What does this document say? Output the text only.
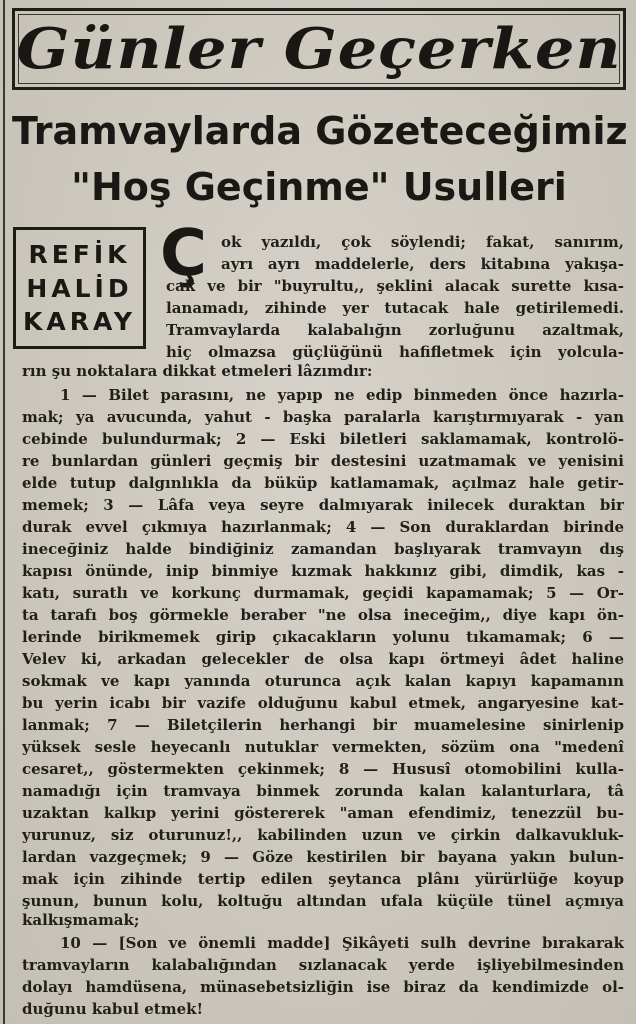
Günler Geçerken
Tramvaylarda Gözeteceğimiz
"Hoş Geçinme" Usulleri
REFİK
HALİD
KARAY
Ç ok yazıldı, çok söylendi; fakat, sanırım,
ayrı ayrı maddelerle, ders kitabına yakışa-
cak ve bir "buyrultu,, şeklini alacak surette kısa-
lanamadı, zihinde yer tutacak hale getirilemedi.
Tramvaylarda kalabalığın zorluğunu azaltmak,
hiç olmazsa güçlüğünü hafifletmek için yolcula-
rın şu noktalara dikkat etmeleri lâzımdır:
1 — Bilet parasını, ne yapıp ne edip binmeden önce hazırla-
mak; ya avucunda, yahut - başka paralarla karıştırmıyarak - yan
cebinde bulundurmak; 2 — Eski biletleri saklamamak, kontrolö-
re bunlardan günleri geçmiş bir destesini uzatmamak ve yenisini
elde tutup dalgınlıkla da büküp katlamamak, açılmaz hale getir-
memek; 3 — Lâfa veya seyre dalmıyarak inilecek duraktan bir
durak evvel çıkmıya hazırlanmak; 4 — Son duraklardan birinde
ineceğiniz halde bindiğiniz zamandan başlıyarak tramvayın dış
kapısı önünde, inip binmiye kızmak hakkınız gibi, dimdik, kas -
katı, suratlı ve korkunç durmamak, geçidi kapamamak; 5 — Or-
ta tarafı boş görmekle beraber "ne olsa ineceğim,, diye kapı ön-
lerinde birikmemek girip çıkacakların yolunu tıkamamak; 6 —
Velev ki, arkadan gelecekler de olsa kapı örtmeyi âdet haline
sokmak ve kapı yanında oturunca açık kalan kapıyı kapamanın
bu yerin icabı bir vazife olduğunu kabul etmek, angaryesine kat-
lanmak; 7 — Biletçilerin herhangi bir muamelesine sinirlenip
yüksek sesle heyecanlı nutuklar vermekten, sözüm ona "medenî
cesaret,, göstermekten çekinmek; 8 — Hususî otomobilini kulla-
namadığı için tramvaya binmek zorunda kalan kalanturlara, tâ
uzaktan kalkıp yerini göstererek "aman efendimiz, tenezzül bu-
yurunuz, siz oturunuz!,, kabilinden uzun ve çirkin dalkavukluk-
lardan vazgeçmek; 9 — Göze kestirilen bir bayana yakın bulun-
mak için zihinde tertip edilen şeytanca plânı yürürlüğe koyup
şunun, bunun kolu, koltuğu altından ufala küçüle tünel açmıya
kalkışmamak;
10 — [Son ve önemli madde] Şikâyeti sulh devrine bırakarak
tramvayların kalabalığından sızlanacak yerde işliyebilmesinden
dolayı hamdüsena, münasebetsizliğin ise biraz da kendimizde ol-
duğunu kabul etmek!
